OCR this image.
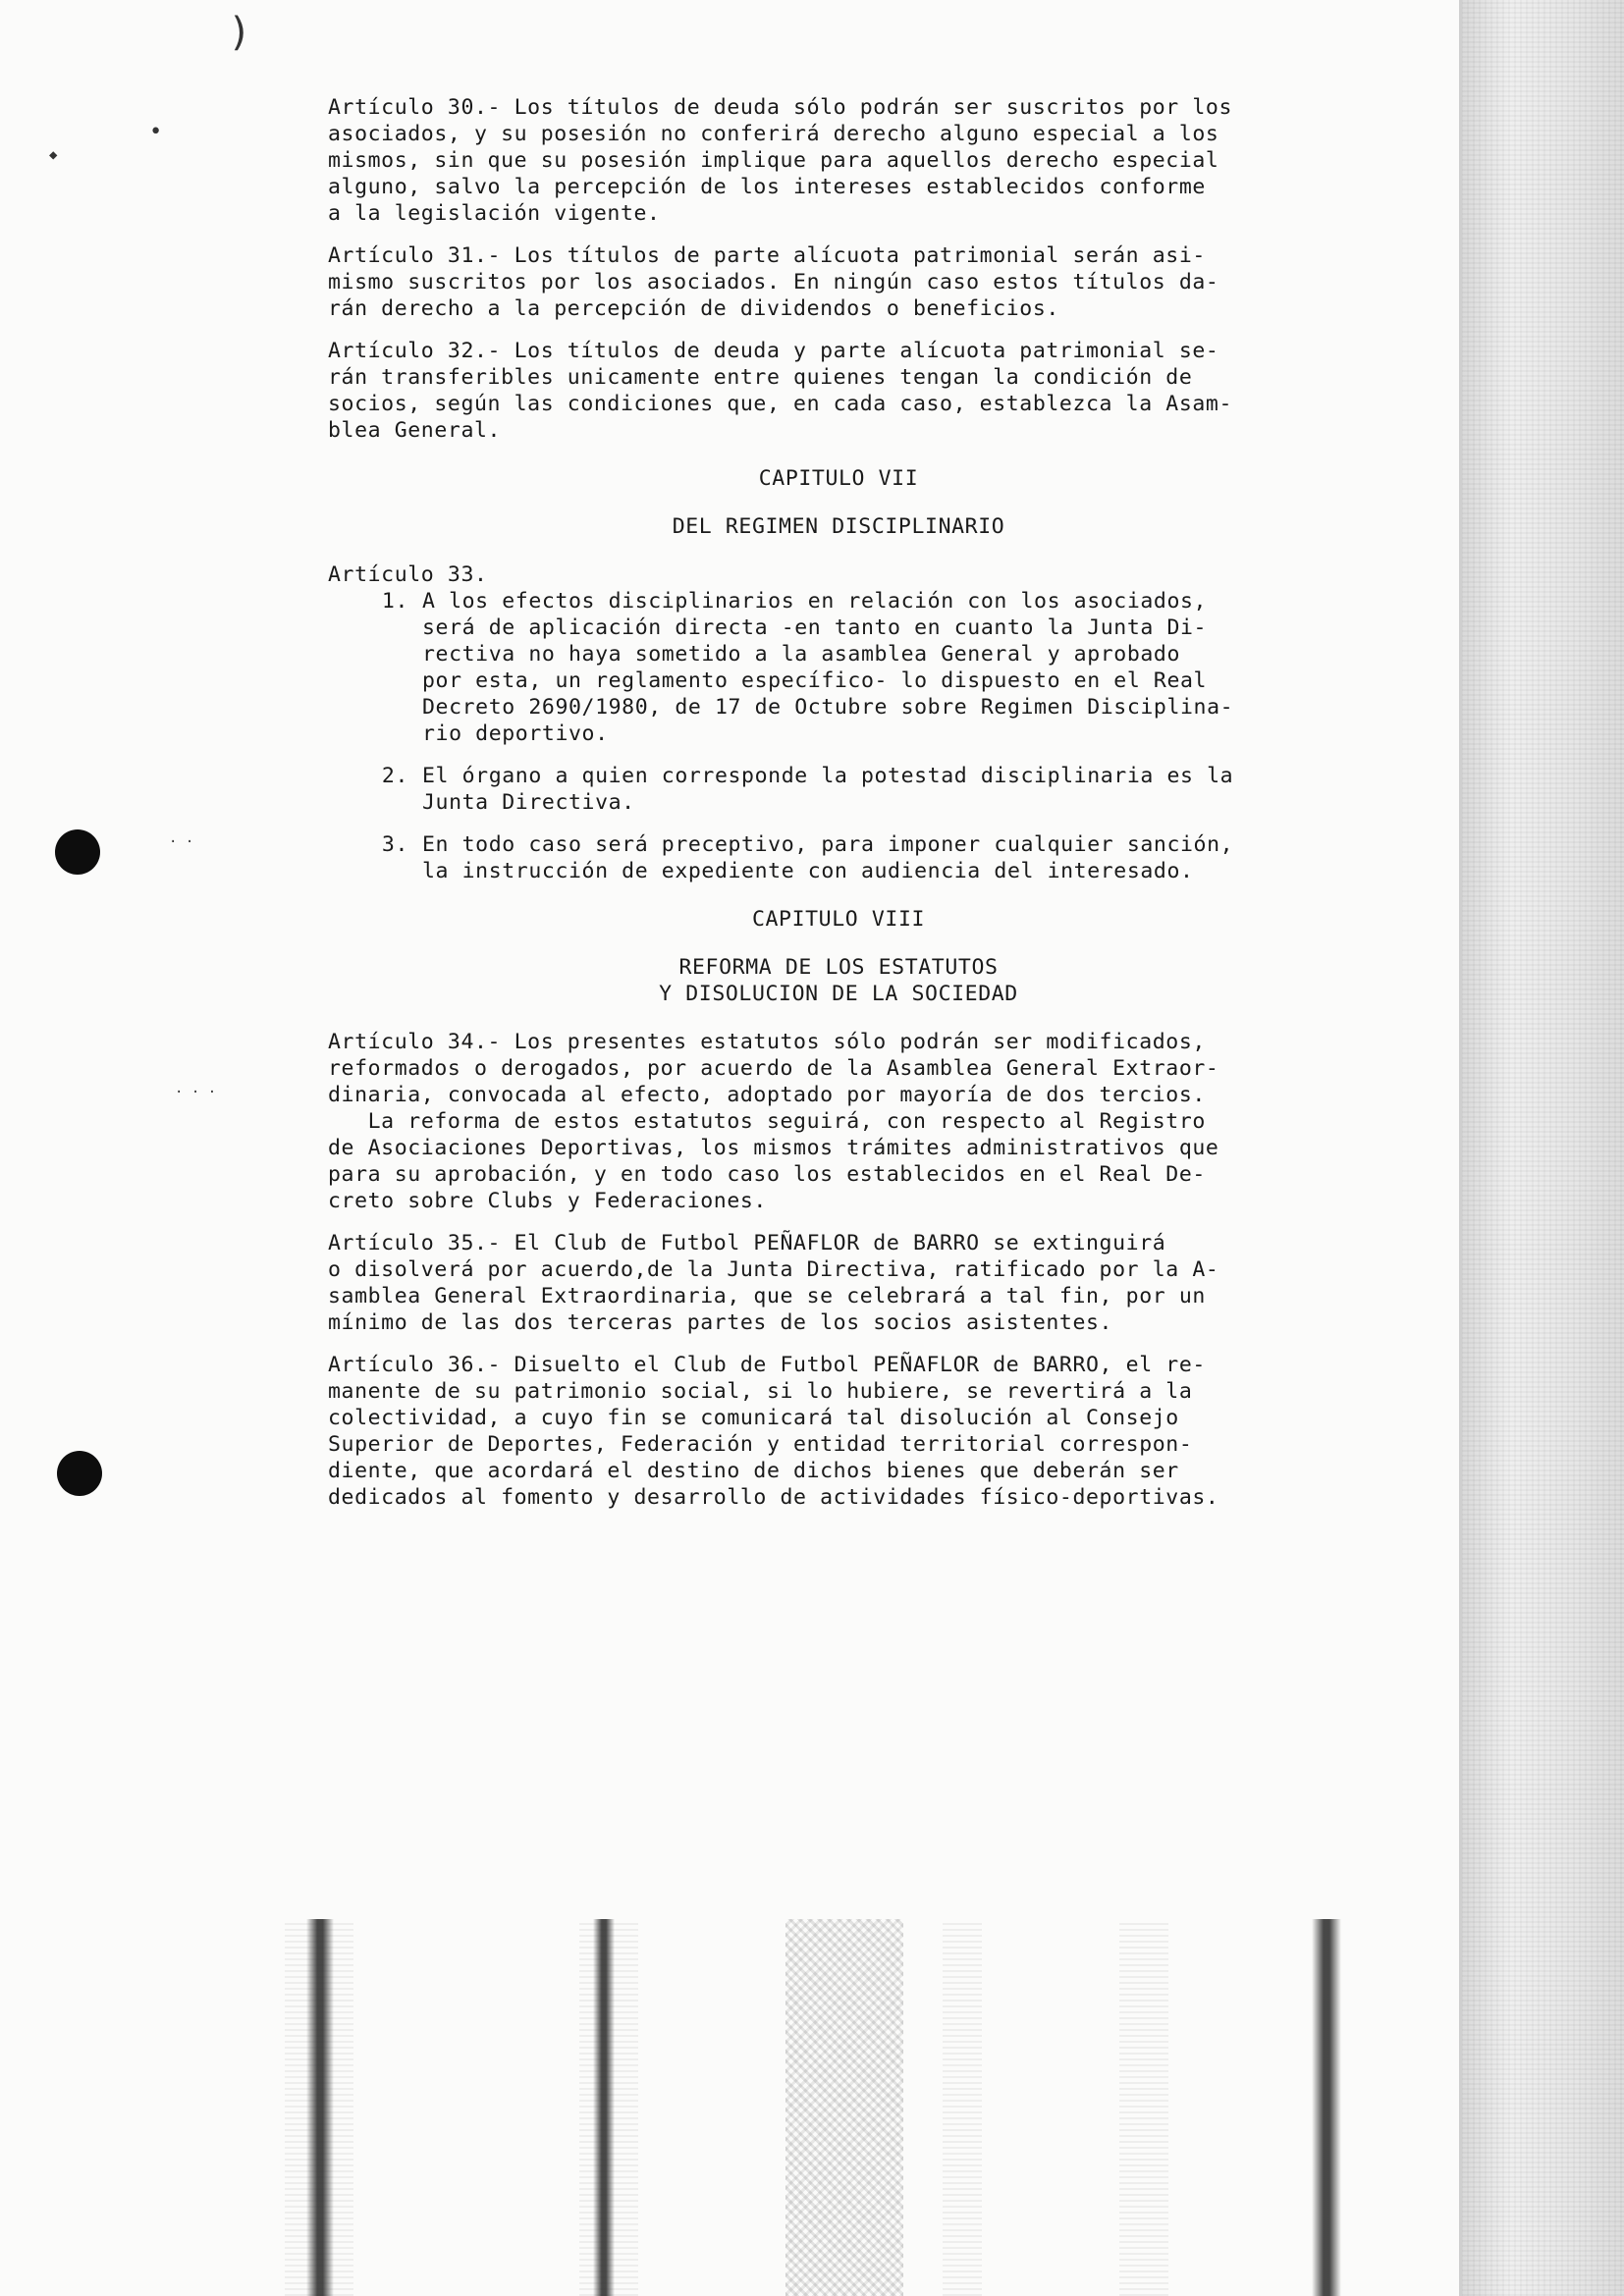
)
•
◆
· ·
· · ·

Artículo 30.- Los títulos de deuda sólo podrán ser suscritos por los
asociados, y su posesión no conferirá derecho alguno especial a los
mismos, sin que su posesión implique para aquellos derecho especial
alguno, salvo la percepción de los intereses establecidos conforme
a la legislación vigente.

Artículo 31.- Los títulos de parte alícuota patrimonial serán asi-
mismo suscritos por los asociados. En ningún caso estos títulos da-
rán derecho a la percepción de dividendos o beneficios.

Artículo 32.- Los títulos de deuda y parte alícuota patrimonial se-
rán transferibles unicamente entre quienes tengan la condición de
socios, según las condiciones que, en cada caso, establezca la Asam-
blea General.

CAPITULO VII

DEL REGIMEN DISCIPLINARIO

Artículo 33.

1. A los efectos disciplinarios en relación con los asociados,
será de aplicación directa -en tanto en cuanto la Junta Di-
rectiva no haya sometido a la asamblea General y aprobado
por esta, un reglamento específico- lo dispuesto en el Real
Decreto 2690/1980, de 17 de Octubre sobre Regimen Disciplina-
rio deportivo.
2. El órgano a quien corresponde la potestad disciplinaria es la
Junta Directiva.
3. En todo caso será preceptivo, para imponer cualquier sanción,
la instrucción de expediente con audiencia del interesado.

CAPITULO VIII

REFORMA DE LOS ESTATUTOS
Y DISOLUCION DE LA SOCIEDAD

Artículo 34.- Los presentes estatutos sólo podrán ser modificados,
reformados o derogados, por acuerdo de la Asamblea General Extraor-
dinaria, convocada al efecto, adoptado por mayoría de dos tercios.
La reforma de estos estatutos seguirá, con respecto al Registro
de Asociaciones Deportivas, los mismos trámites administrativos que
para su aprobación, y en todo caso los establecidos en el Real De-
creto sobre Clubs y Federaciones.

Artículo 35.- El Club de Futbol PEÑAFLOR de BARRO se extinguirá
o disolverá por acuerdo,de la Junta Directiva, ratificado por la A-
samblea General Extraordinaria, que se celebrará a tal fin, por un
mínimo de las dos terceras partes de los socios asistentes.

Artículo 36.- Disuelto el Club de Futbol PEÑAFLOR de BARRO, el re-
manente de su patrimonio social, si lo hubiere, se revertirá a la
colectividad, a cuyo fin se comunicará tal disolución al Consejo
Superior de Deportes, Federación y entidad territorial correspon-
diente, que acordará el destino de dichos bienes que deberán ser
dedicados al fomento y desarrollo de actividades físico-deportivas.
